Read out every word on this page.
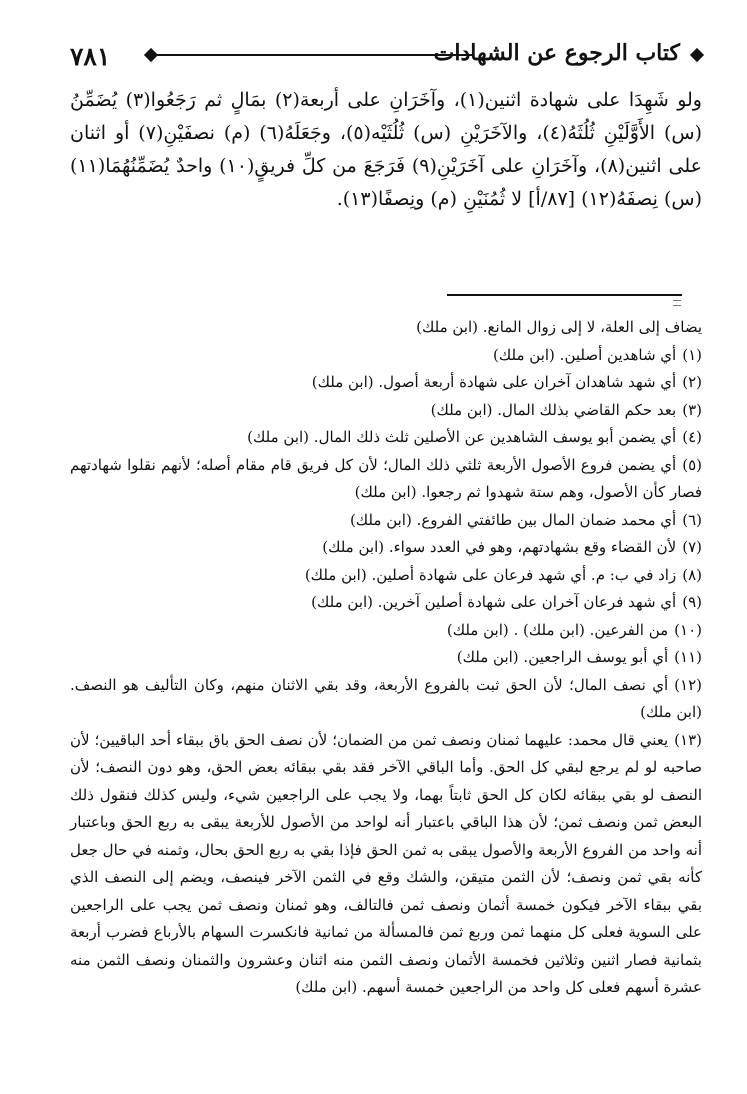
٧٨١	كتاب الرجوع عن الشهادات

ولو شَهِدَا على شهادة اثنين(١)، وآخَرَانِ على أربعة(٢) بمَالٍ ثم رَجَعُوا(٣) يُضَمِّنُ (س) الأَوَّلَيْنِ ثُلُثَهُ(٤)، والآخَرَيْنِ (س) ثُلُثَيْه(٥)، وجَعَلَهُ(٦) (م) نصفَيْنِ(٧) أو اثنان على اثنين(٨)، وآخَرَانِ على آخَرَيْنِ(٩) فَرَجَعَ من كلِّ فريقٍ(١٠) واحدٌ يُضَمِّنُهُمَا(١١) (س) نِصفَهُ(١٢) [٨٧/أ] لا ثُمُنَيْنِ (م) ونِصفًا(١٣).

يضاف إلى العلة، لا إلى زوال المانع. (ابن ملك)

(١)أي شاهدين أصلين. (ابن ملك)

(٢)أي شهد شاهدان آخران على شهادة أربعة أصول. (ابن ملك)

(٣)بعد حكم القاضي بذلك المال. (ابن ملك)

(٤)أي يضمن أبو يوسف الشاهدين عن الأصلين ثلث ذلك المال. (ابن ملك)

(٥)أي يضمن فروع الأصول الأربعة ثلثي ذلك المال؛ لأن كل فريق قام مقام أصله؛ لأنهم نقلوا شهادتهم فصار كأن الأصول، وهم ستة شهدوا ثم رجعوا. (ابن ملك)

(٦)أي محمد ضمان المال بين طائفتي الفروع. (ابن ملك)

(٧)لأن القضاء وقع بشهادتهم، وهو في العدد سواء. (ابن ملك)

(٨)زاد في ب: م. أي شهد فرعان على شهادة أصلين. (ابن ملك)

(٩)أي شهد فرعان آخران على شهادة أصلين آخرين. (ابن ملك)

(١٠)من الفرعين. (ابن ملك) . (ابن ملك)

(١١)أي أبو يوسف الراجعين. (ابن ملك)

(١٢)أي نصف المال؛ لأن الحق ثبت بالفروع الأربعة، وقد بقي الاثنان منهم، وكان التأليف هو النصف. (ابن ملك)

(١٣)يعني قال محمد: عليهما ثمنان ونصف ثمن من الضمان؛ لأن نصف الحق باق ببقاء أحد الباقيين؛ لأن صاحبه لو لم يرجع لبقي كل الحق. وأما الباقي الآخر فقد بقي ببقائه بعض الحق، وهو دون النصف؛ لأن النصف لو بقي ببقائه لكان كل الحق ثابتاً بهما، ولا يجب على الراجعين شيء، وليس كذلك فنقول ذلك البعض ثمن ونصف ثمن؛ لأن هذا الباقي باعتبار أنه لواحد من الأصول للأربعة يبقى به ربع الحق وباعتبار أنه واحد من الفروع الأربعة والأصول يبقى به ثمن الحق فإذا بقي به ربع الحق بحال، وثمنه في حال جعل كأنه بقي ثمن ونصف؛ لأن الثمن متيقن، والشك وقع في الثمن الآخر فينصف، ويضم إلى النصف الذي بقي ببقاء الآخر فيكون خمسة أثمان ونصف ثمن فالتالف، وهو ثمنان ونصف ثمن يجب على الراجعين على السوية فعلى كل منهما ثمن وربع ثمن فالمسألة من ثمانية فانكسرت السهام بالأرباع فضرب أربعة بثمانية فصار اثنين وثلاثين فخمسة الأثمان ونصف الثمن منه اثنان وعشرون والثمنان ونصف الثمن منه عشرة أسهم فعلى كل واحد من الراجعين خمسة أسهم. (ابن ملك)
